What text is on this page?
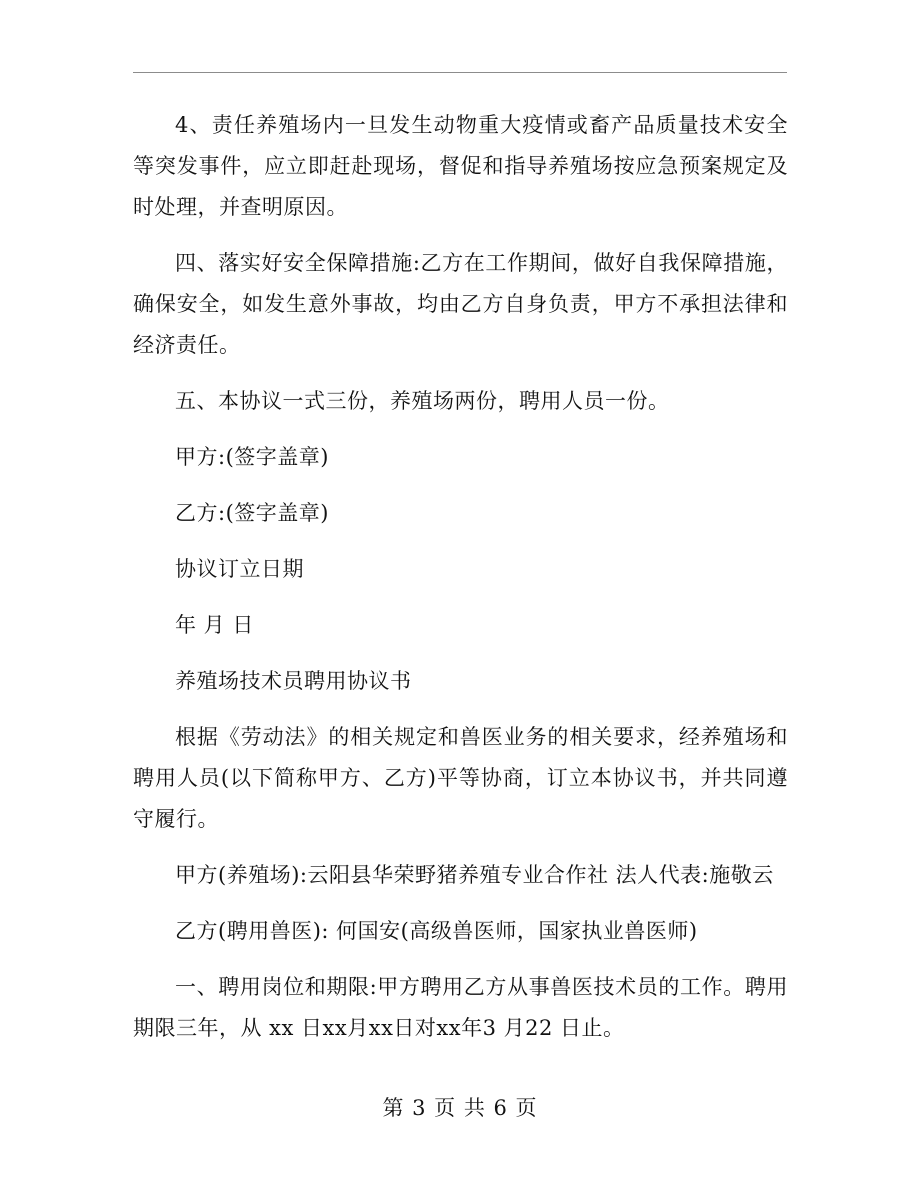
4、责任养殖场内一旦发生动物重大疫情或畜产品质量技术安全等突发事件，应立即赶赴现场，督促和指导养殖场按应急预案规定及时处理，并查明原因。

四、落实好安全保障措施:乙方在工作期间，做好自我保障措施，确保安全，如发生意外事故，均由乙方自身负责，甲方不承担法律和经济责任。

五、本协议一式三份，养殖场两份，聘用人员一份。

甲方:(签字盖章)

乙方:(签字盖章)

协议订立日期

年 月 日

养殖场技术员聘用协议书

根据《劳动法》的相关规定和兽医业务的相关要求，经养殖场和聘用人员(以下简称甲方、乙方)平等协商，订立本协议书，并共同遵守履行。

甲方(养殖场):云阳县华荣野猪养殖专业合作社 法人代表:施敬云

乙方(聘用兽医): 何国安(高级兽医师，国家执业兽医师)

一、聘用岗位和期限:甲方聘用乙方从事兽医技术员的工作。聘用期限三年，从 xx 日xx月xx日对xx年3 月22 日止。

第 3 页 共 6 页
